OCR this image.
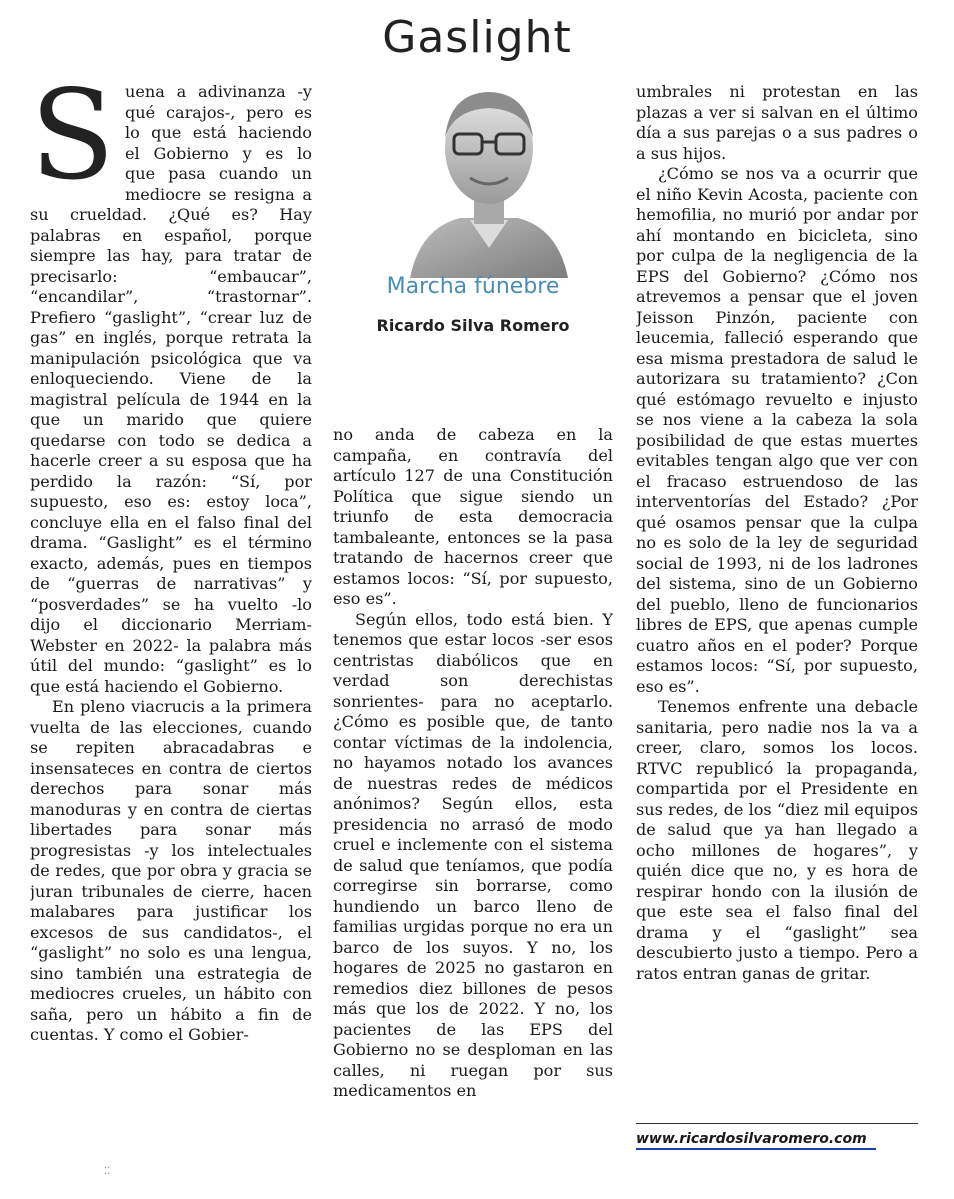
Gaslight

Suena a adivinanza -y qué carajos-, pero es lo que está haciendo el Gobierno y es lo que pasa cuando un mediocre se resigna a su crueldad. ¿Qué es? Hay palabras en español, porque siempre las hay, para tratar de precisarlo: “embaucar”, “encandilar”, “trastornar”. Prefiero “gaslight”, “crear luz de gas” en inglés, porque retrata la manipulación psicológica que va enloqueciendo. Viene de la magistral película de 1944 en la que un marido que quiere quedarse con todo se dedica a hacerle creer a su esposa que ha perdido la razón: “Sí, por supuesto, eso es: estoy loca”, concluye ella en el falso final del drama. “Gaslight” es el término exacto, además, pues en tiempos de “guerras de narrativas” y “posverdades” se ha vuelto -lo dijo el diccionario Merriam-Webster en 2022- la palabra más útil del mundo: “gaslight” es lo que está haciendo el Gobierno.

En pleno viacrucis a la primera vuelta de las elecciones, cuando se repiten abracadabras e insensateces en contra de ciertos derechos para sonar más manoduras y en contra de ciertas libertades para sonar más progresistas -y los intelectuales de redes, que por obra y gracia se juran tribunales de cierre, hacen malabares para justificar los excesos de sus candidatos-, el “gaslight” no solo es una lengua, sino también una estrategia de mediocres crueles, un hábito con saña, pero un hábito a fin de cuentas. Y como el Gobier-

Marcha fúnebre
Ricardo Silva Romero

no anda de cabeza en la campaña, en contravía del artículo 127 de una Constitución Política que sigue siendo un triunfo de esta democracia tambaleante, entonces se la pasa tratando de hacernos creer que estamos locos: “Sí, por supuesto, eso es”.

Según ellos, todo está bien. Y tenemos que estar locos -ser esos centristas diabólicos que en verdad son derechistas sonrientes- para no aceptarlo. ¿Cómo es posible que, de tanto contar víctimas de la indolencia, no hayamos notado los avances de nuestras redes de médicos anónimos? Según ellos, esta presidencia no arrasó de modo cruel e inclemente con el sistema de salud que teníamos, que podía corregirse sin borrarse, como hundiendo un barco lleno de familias urgidas porque no era un barco de los suyos. Y no, los hogares de 2025 no gastaron en remedios diez billones de pesos más que los de 2022. Y no, los pacientes de las EPS del Gobierno no se desploman en las calles, ni ruegan por sus medicamentos en

umbrales ni protestan en las plazas a ver si salvan en el último día a sus parejas o a sus padres o a sus hijos.

¿Cómo se nos va a ocurrir que el niño Kevin Acosta, paciente con hemofilia, no murió por andar por ahí montando en bicicleta, sino por culpa de la negligencia de la EPS del Gobierno? ¿Cómo nos atrevemos a pensar que el joven Jeisson Pinzón, paciente con leucemia, falleció esperando que esa misma prestadora de salud le autorizara su tratamiento? ¿Con qué estómago revuelto e injusto se nos viene a la cabeza la sola posibilidad de que estas muertes evitables tengan algo que ver con el fracaso estruendoso de las interventorías del Estado? ¿Por qué osamos pensar que la culpa no es solo de la ley de seguridad social de 1993, ni de los ladrones del sistema, sino de un Gobierno del pueblo, lleno de funcionarios libres de EPS, que apenas cumple cuatro años en el poder? Porque estamos locos: “Sí, por supuesto, eso es”.

Tenemos enfrente una debacle sanitaria, pero nadie nos la va a creer, claro, somos los locos. RTVC republicó la propaganda, compartida por el Presidente en sus redes, de los “diez mil equipos de salud que ya han llegado a ocho millones de hogares”, y quién dice que no, y es hora de respirar hondo con la ilusión de que este sea el falso final del drama y el “gaslight” sea descubierto justo a tiempo. Pero a ratos entran ganas de gritar.

www.ricardosilvaromero.com
⁚⁚
